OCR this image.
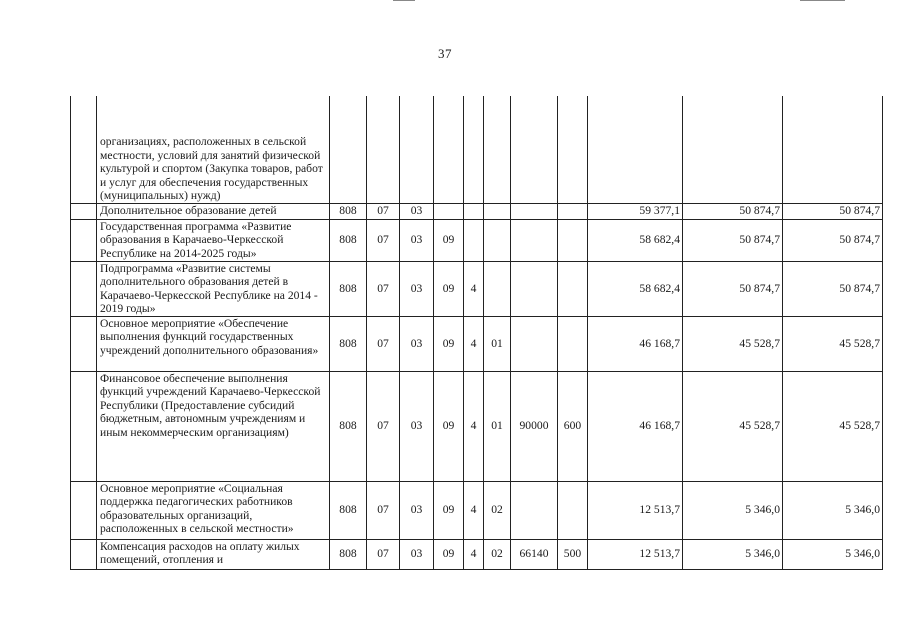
37
	организациях, расположенных в сельской местности, условий для занятий физической культурой и спортом (Закупка товаров, работ и услуг для обеспечения государственных (муниципальных) нужд)											
	Дополнительное образование детей	808	07	03						59 377,1	50 874,7	50 874,7
	Государственная программа «Развитие образования в Карачаево-Черкесской Республике на 2014-2025 годы»	808	07	03	09					58 682,4	50 874,7	50 874,7
	Подпрограмма «Развитие системы дополнительного образования детей в Карачаево-Черкесской Республике на 2014 - 2019 годы»	808	07	03	09	4				58 682,4	50 874,7	50 874,7
	Основное мероприятие «Обеспечение выполнения функций государственных учреждений дополнительного образования»	808	07	03	09	4	01			46 168,7	45 528,7	45 528,7
	Финансовое обеспечение выполнения функций учреждений Карачаево-Черкесской Республики (Предоставление субсидий бюджетным, автономным учреждениям и иным некоммерческим организациям)	808	07	03	09	4	01	90000	600	46 168,7	45 528,7	45 528,7
	Основное мероприятие «Социальная поддержка педагогических работников образовательных организаций, расположенных в сельской местности»	808	07	03	09	4	02			12 513,7	5 346,0	5 346,0
	Компенсация расходов на оплату жилых помещений, отопления и	808	07	03	09	4	02	66140	500	12 513,7	5 346,0	5 346,0
